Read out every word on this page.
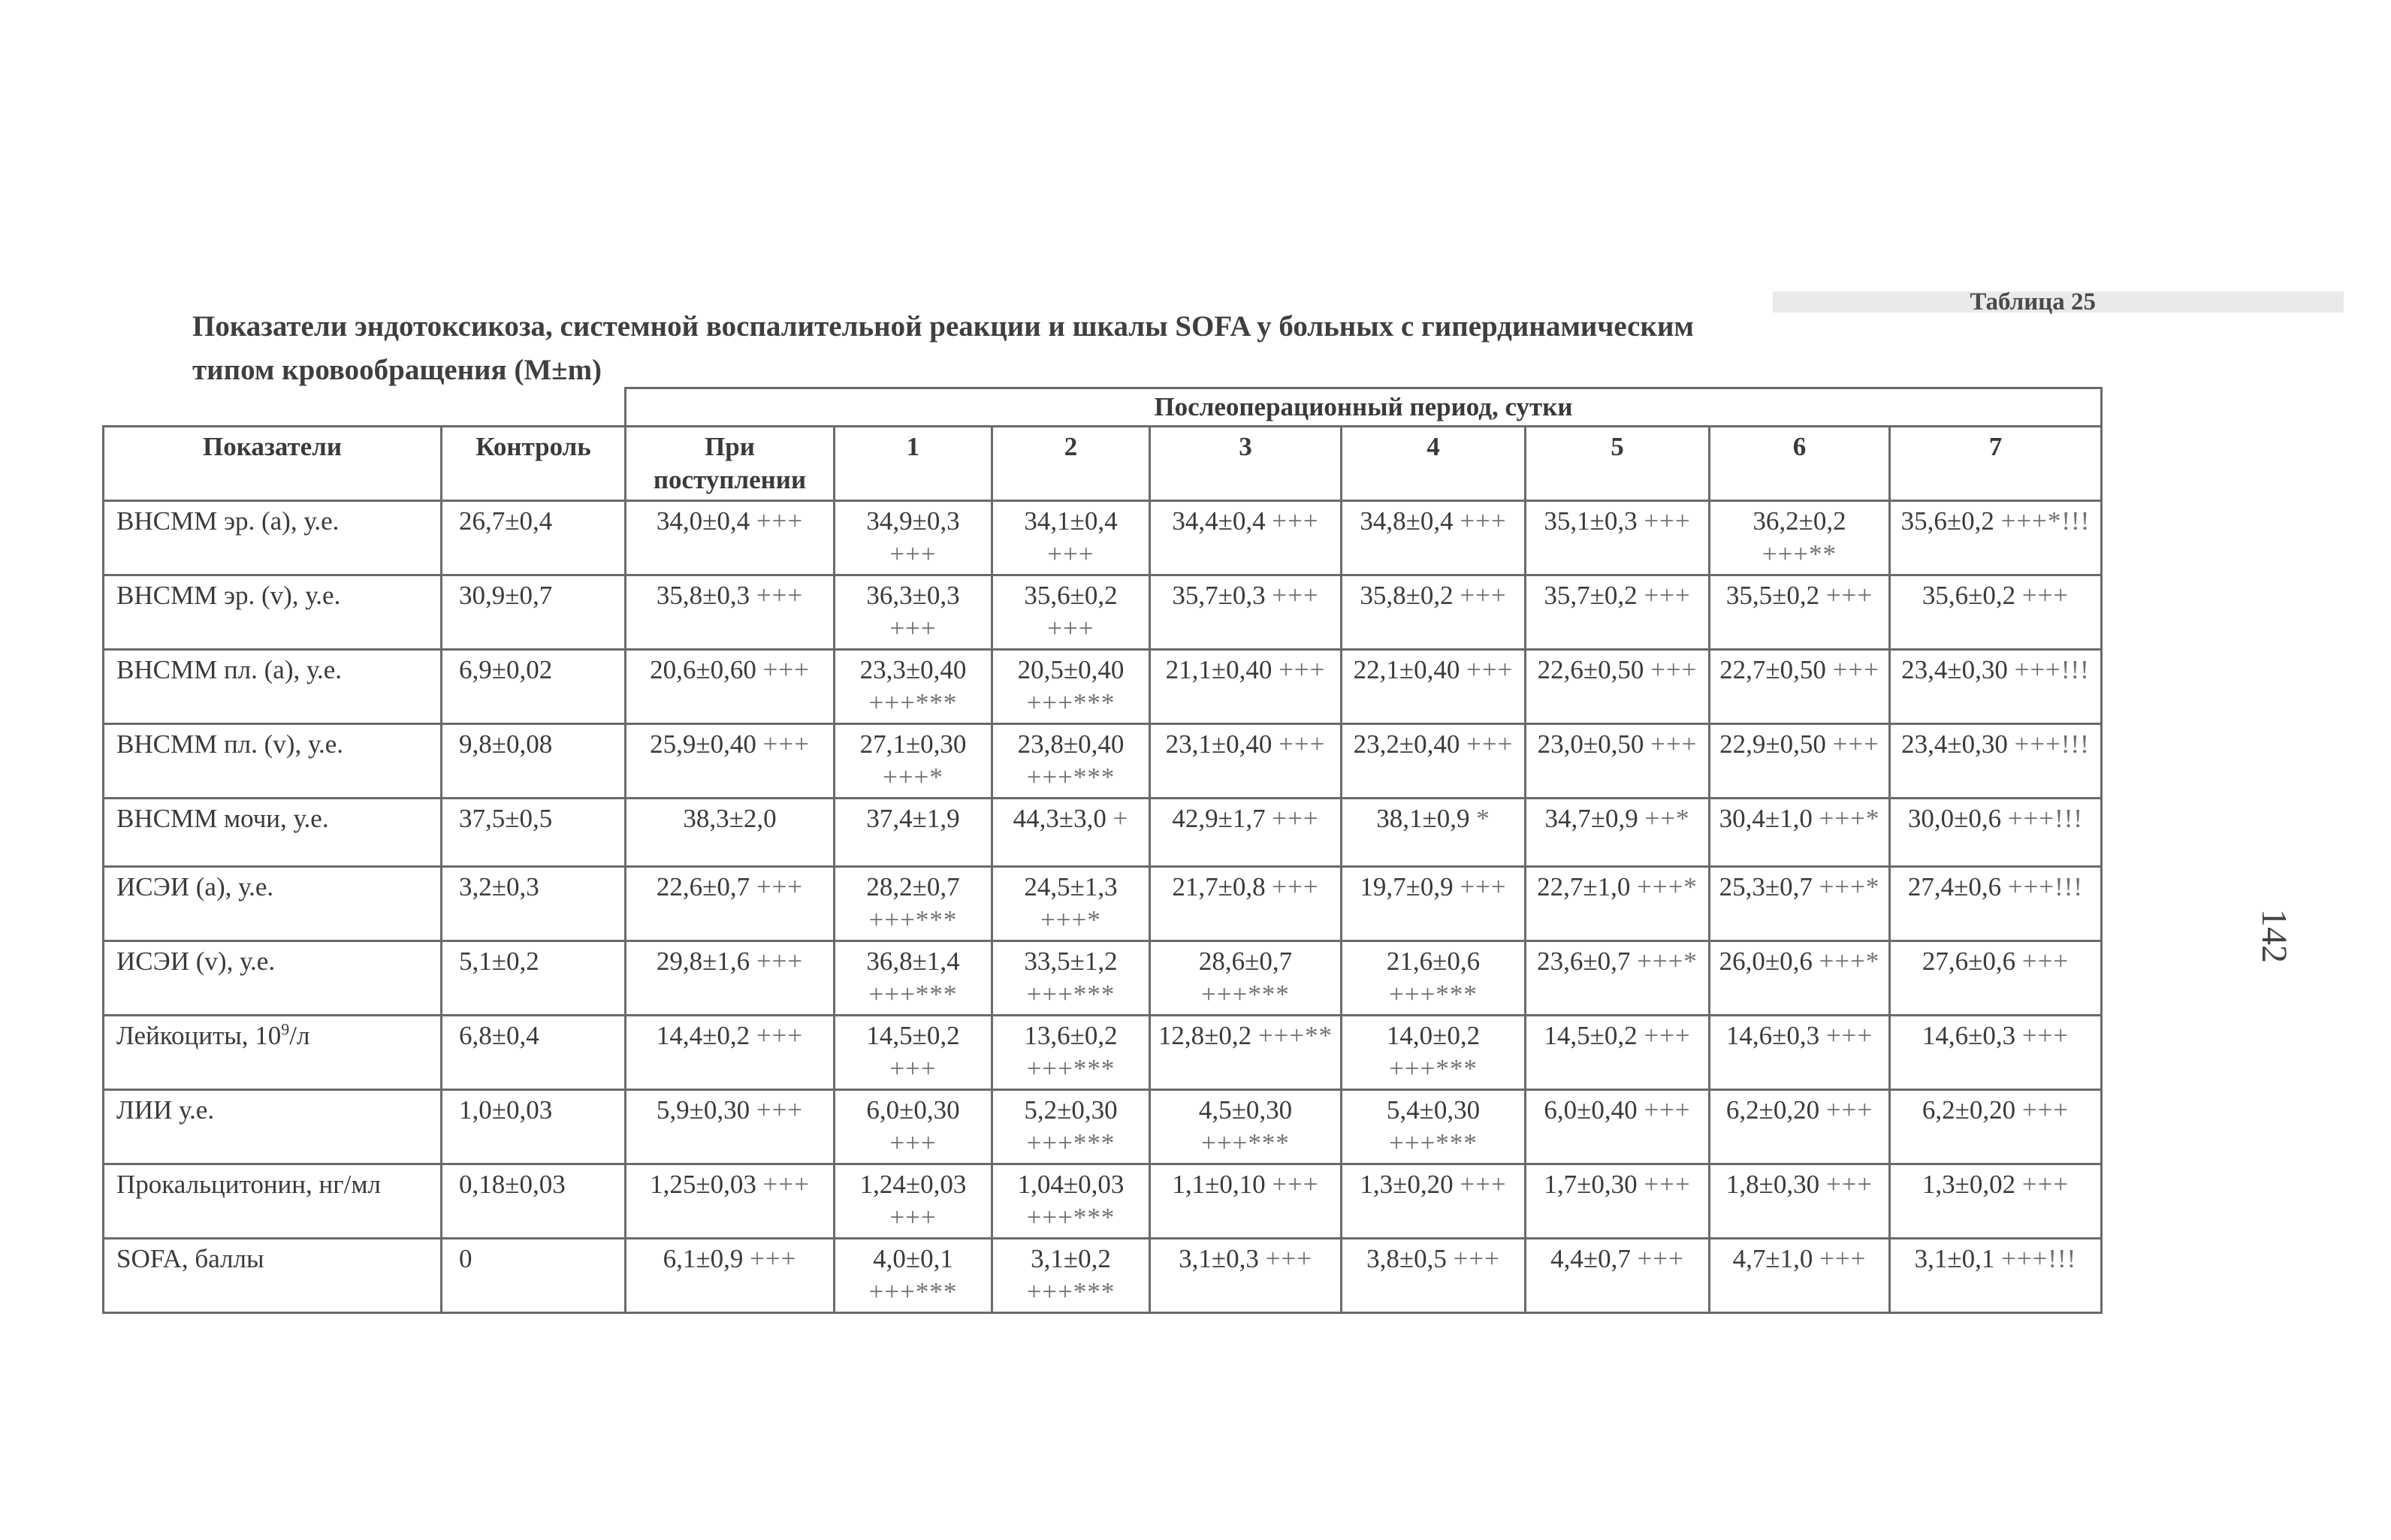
Таблица 25
Показатели эндотоксикоза, системной воспалительной реакции и шкалы SOFA у больных с гипердинамическим
типом кровообращения (M±m)
142
		Послеоперационный период, сутки							
Показатели	Контроль	При поступлении	1	2	3	4	5	6	7
ВНСММ эр. (а), у.е.	26,7±0,4	34,0±0,4 +++	34,9±0,3 +++	34,1±0,4 +++	34,4±0,4 +++	34,8±0,4 +++	35,1±0,3 +++	36,2±0,2 +++**	35,6±0,2 +++*!!!
ВНСММ эр. (v), у.е.	30,9±0,7	35,8±0,3 +++	36,3±0,3 +++	35,6±0,2 +++	35,7±0,3 +++	35,8±0,2 +++	35,7±0,2 +++	35,5±0,2 +++	35,6±0,2 +++
ВНСММ пл. (а), у.е.	6,9±0,02	20,6±0,60 +++	23,3±0,40 +++***	20,5±0,40 +++***	21,1±0,40 +++	22,1±0,40 +++	22,6±0,50 +++	22,7±0,50 +++	23,4±0,30 +++!!!
ВНСММ пл. (v), у.е.	9,8±0,08	25,9±0,40 +++	27,1±0,30 +++*	23,8±0,40 +++***	23,1±0,40 +++	23,2±0,40 +++	23,0±0,50 +++	22,9±0,50 +++	23,4±0,30 +++!!!
ВНСММ мочи, у.е.	37,5±0,5	38,3±2,0	37,4±1,9	44,3±3,0 +	42,9±1,7 +++	38,1±0,9 *	34,7±0,9 ++*	30,4±1,0 +++*	30,0±0,6 +++!!!
ИСЭИ (а), у.е.	3,2±0,3	22,6±0,7 +++	28,2±0,7 +++***	24,5±1,3 +++*	21,7±0,8 +++	19,7±0,9 +++	22,7±1,0 +++*	25,3±0,7 +++*	27,4±0,6 +++!!!
ИСЭИ (v), у.е.	5,1±0,2	29,8±1,6 +++	36,8±1,4 +++***	33,5±1,2 +++***	28,6±0,7 +++***	21,6±0,6 +++***	23,6±0,7 +++*	26,0±0,6 +++*	27,6±0,6 +++
Лейкоциты, $10^9/л$	6,8±0,4	14,4±0,2 +++	14,5±0,2 +++	13,6±0,2 +++***	12,8±0,2 +++**	14,0±0,2 +++***	14,5±0,2 +++	14,6±0,3 +++	14,6±0,3 +++
ЛИИ у.е.	1,0±0,03	5,9±0,30 +++	6,0±0,30 +++	5,2±0,30 +++***	4,5±0,30 +++***	5,4±0,30 +++***	6,0±0,40 +++	6,2±0,20 +++	6,2±0,20 +++
Прокальцитонин, нг/мл	0,18±0,03	1,25±0,03 +++	1,24±0,03 +++	1,04±0,03 +++***	1,1±0,10 +++	1,3±0,20 +++	1,7±0,30 +++	1,8±0,30 +++	1,3±0,02 +++
SOFA, баллы	0	6,1±0,9 +++	4,0±0,1 +++***	3,1±0,2 +++***	3,1±0,3 +++	3,8±0,5 +++	4,4±0,7 +++	4,7±1,0 +++	3,1±0,1 +++!!!
